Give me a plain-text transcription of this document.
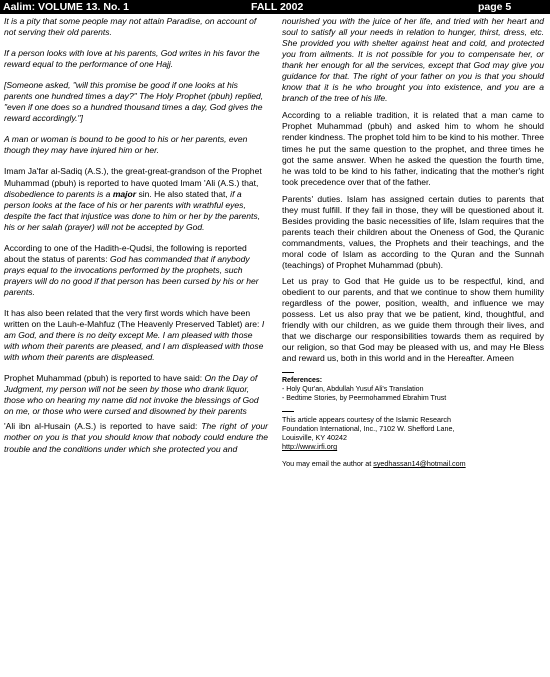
Aalim: VOLUME 13. No. 1	FALL 2002	page 5

It is a pity that some people may not attain Paradise, on account of not serving their old parents.

If a person looks with love at his parents, God writes in his favor the reward equal to the performance of one Hajj.

[Someone asked, "will this promise be good if one looks at his parents one hundred times a day?" The Holy Prophet (pbuh) replied, "even if one does so a hundred thousand times a day, God gives the reward accordingly."]

A man or woman is bound to be good to his or her parents, even though they may have injured him or her.

Imam Ja'far al-Sadiq (A.S.), the great-great-grandson of the Prophet Muhammad (pbuh) is reported to have quoted Imam 'Ali (A.S.) that, disobedience to parents is a major sin. He also stated that, if a person looks at the face of his or her parents with wrathful eyes, despite the fact that injustice was done to him or her by the parents, his or her salah (prayer) will not be accepted by God.

According to one of the Hadith-e-Qudsi, the following is reported about the status of parents: God has commanded that if anybody prays equal to the invocations performed by the prophets, such prayers will do no good if that person has been cursed by his or her parents.

It has also been related that the very first words which have been written on the Lauh-e-Mahfuz (The Heavenly Preserved Tablet) are: I am God, and there is no deity except Me. I am pleased with those with whom their parents are pleased, and I am displeased with those with whom their parents are displeased.

Prophet Muhammad (pbuh) is reported to have said: On the Day of Judgment, my person will not be seen by those who drank liquor, those who on hearing my name did not invoke the blessings of God on me, or those who were cursed and disowned by their parents

'Ali ibn al-Husain (A.S.) is reported to have said: The right of your mother on you is that you should know that nobody could endure the trouble and the conditions under which she protected you and

nourished you with the juice of her life, and tried with her heart and soul to satisfy all your needs in relation to hunger, thirst, dress, etc. She provided you with shelter against heat and cold, and protected you from ailments. It is not possible for you to compensate her, or thank her enough for all the services, except that God may give you guidance for that. The right of your father on you is that you should know that it is he who brought you into existence, and you are a branch of the tree of his life.

According to a reliable tradition, it is related that a man came to Prophet Muhammad (pbuh) and asked him to whom he should render kindness. The prophet told him to be kind to his mother. Three times he put the same question to the prophet, and three times he got the same answer. When he asked the question the fourth time, he was told to be kind to his father, indicating that the mother's right took precedence over that of the father.

Parents' duties. Islam has assigned certain duties to parents that they must fulfill. If they fail in those, they will be questioned about it. Besides providing the basic necessities of life, Islam requires that the parents teach their children about the Oneness of God, the Quranic commandments, values, the Prophets and their teachings, and the moral code of Islam as according to the Quran and the Sunnah (teachings) of Prophet Muhammad (pbuh).

Let us pray to God that He guide us to be respectful, kind, and obedient to our parents, and that we continue to show them humility regardless of the power, position, wealth, and influence we may possess. Let us also pray that we be patient, kind, thoughtful, and friendly with our children, as we guide them through their lives, and that we discharge our responsibilities towards them as required by our religion, so that God may be pleased with us, and may He Bless and reward us, both in this world and in the Hereafter. Ameen

References:
- Holy Qur'an, Abdullah Yusuf Ali's Translation
- Bedtime Stories, by Peermohammed Ebrahim Trust
This article appears courtesy of the Islamic Research
Foundation International, Inc., 7102 W. Shefford Lane,
Louisville, KY 40242
http://www.irfi.org
You may email the author at syedhassan14@hotmail.com
